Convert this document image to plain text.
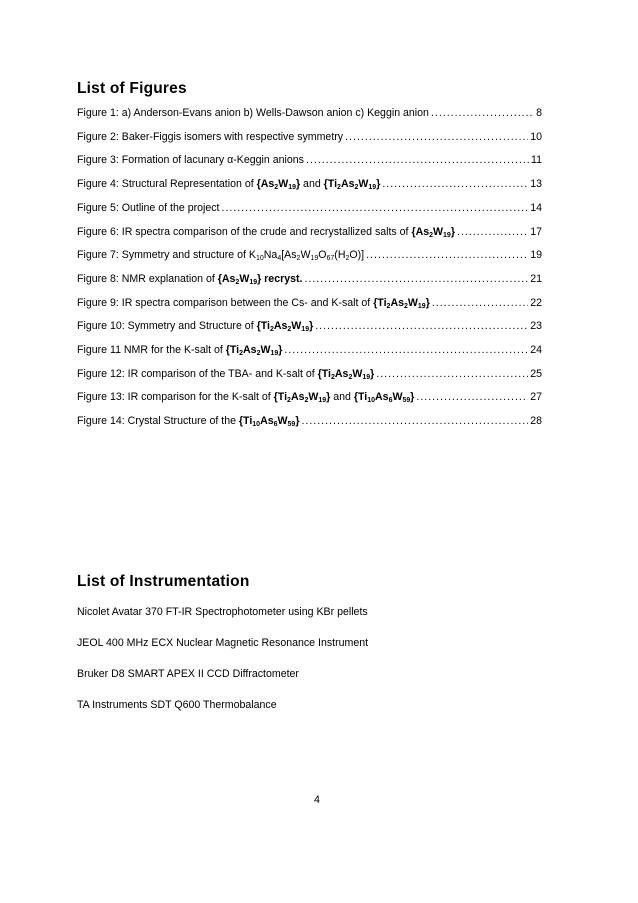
List of Figures
Figure 1: a) Anderson-Evans anion b) Wells-Dawson anion c) Keggin anion .....	8
Figure 2: Baker-Figgis isomers with respective symmetry .....	10
Figure 3: Formation of lacunary α-Keggin anions .....	11
Figure 4: Structural Representation of $\{As_2W_{19}\}$ and $\{Ti_2As_2W_{19}\}$ .....	13
Figure 5: Outline of the project .....	14
Figure 6: IR spectra comparison of the crude and recrystallized salts of $\{As_2W_{19}\}$ .....	17
Figure 7: Symmetry and structure of $K_{10}Na_4[As_2W_{19}O_{67}(H_2O)]$ .....	19
Figure 8: NMR explanation of $\{As_2W_{19}\}$ recryst. .....	21
Figure 9: IR spectra comparison between the Cs- and K-salt of $\{Ti_2As_2W_{19}\}$ .....	22
Figure 10: Symmetry and Structure of $\{Ti_2As_2W_{19}\}$ .....	23
Figure 11 NMR for the K-salt of $\{Ti_2As_2W_{19}\}$ .....	24
Figure 12: IR comparison of the TBA- and K-salt of $\{Ti_2As_2W_{19}\}$ .....	25
Figure 13: IR comparison for the K-salt of $\{Ti_2As_2W_{19}\}$ and $\{Ti_{10}As_6W_{59}\}$ .....	27
Figure 14: Crystal Structure of the $\{Ti_{10}As_6W_{59}\}$ .....	28
List of Instrumentation
Nicolet Avatar 370 FT-IR Spectrophotometer using KBr pellets
JEOL 400 MHz ECX Nuclear Magnetic Resonance Instrument
Bruker D8 SMART APEX II CCD Diffractometer
TA Instruments SDT Q600 Thermobalance
4
